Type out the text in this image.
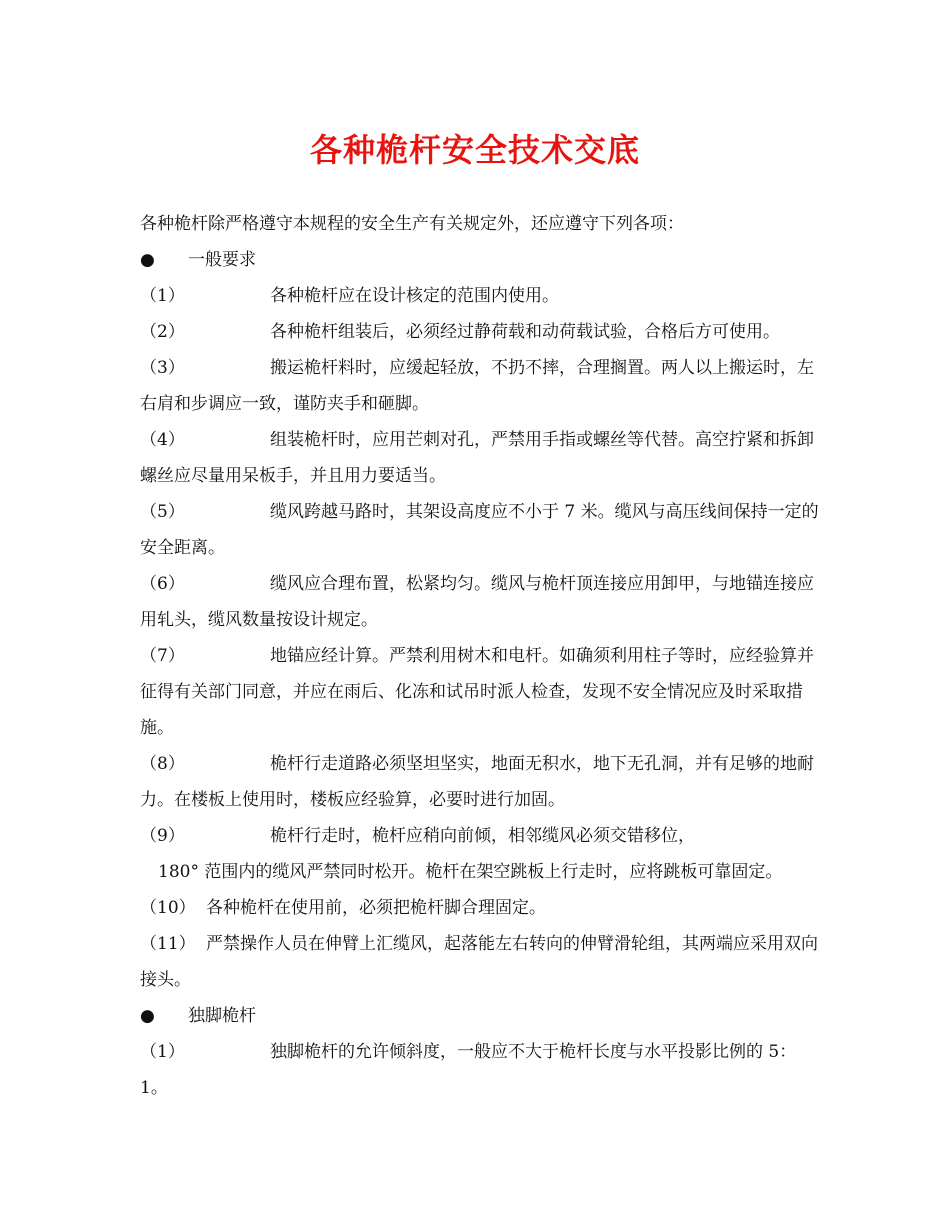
各种桅杆安全技术交底

各种桅杆除严格遵守本规程的安全生产有关规定外，还应遵守下列各项：

●	一般要求

（1）	各种桅杆应在设计核定的范围内使用。

（2）	各种桅杆组装后，必须经过静荷载和动荷载试验，合格后方可使用。

（3）	搬运桅杆料时，应缓起轻放，不扔不摔，合理搁置。两人以上搬运时，左右肩和步调应一致，谨防夹手和砸脚。

（4）	组装桅杆时，应用芒刺对孔，严禁用手指或螺丝等代替。高空拧紧和拆卸螺丝应尽量用呆板手，并且用力要适当。

（5）	缆风跨越马路时，其架设高度应不小于 7 米。缆风与高压线间保持一定的安全距离。

（6）	缆风应合理布置，松紧均匀。缆风与桅杆顶连接应用卸甲，与地锚连接应用轧头，缆风数量按设计规定。

（7）	地锚应经计算。严禁利用树木和电杆。如确须利用柱子等时，应经验算并征得有关部门同意，并应在雨后、化冻和试吊时派人检查，发现不安全情况应及时采取措施。

（8）	桅杆行走道路必须坚坦坚实，地面无积水，地下无孔洞，并有足够的地耐力。在楼板上使用时，楼板应经验算，必要时进行加固。

（9）	桅杆行走时，桅杆应稍向前倾，相邻缆风必须交错移位，
180° 范围内的缆风严禁同时松开。桅杆在架空跳板上行走时，应将跳板可靠固定。

（10） 各种桅杆在使用前，必须把桅杆脚合理固定。

（11） 严禁操作人员在伸臂上汇缆风，起落能左右转向的伸臂滑轮组，其两端应采用双向接头。

●	独脚桅杆

（1）	独脚桅杆的允许倾斜度，一般应不大于桅杆长度与水平投影比例的 5：1。
